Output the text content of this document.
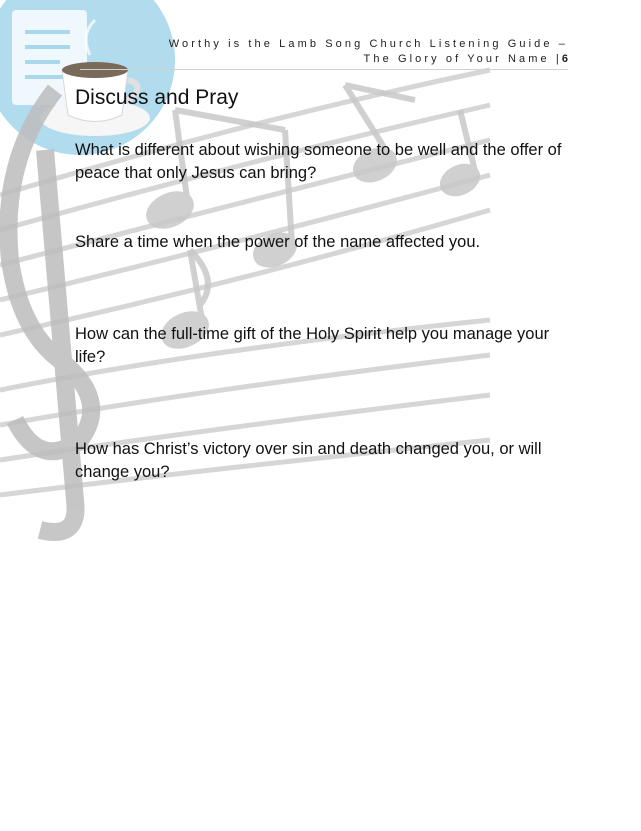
Worthy is the Lamb Song Church Listening Guide –
The Glory of Your Name |6
Discuss and Pray
What is different about wishing someone to be well and the offer of peace that only Jesus can bring?
Share a time when the power of the name affected you.
How can the full-time gift of the Holy Spirit help you manage your life?
How has Christ’s victory over sin and death changed you, or will change you?
